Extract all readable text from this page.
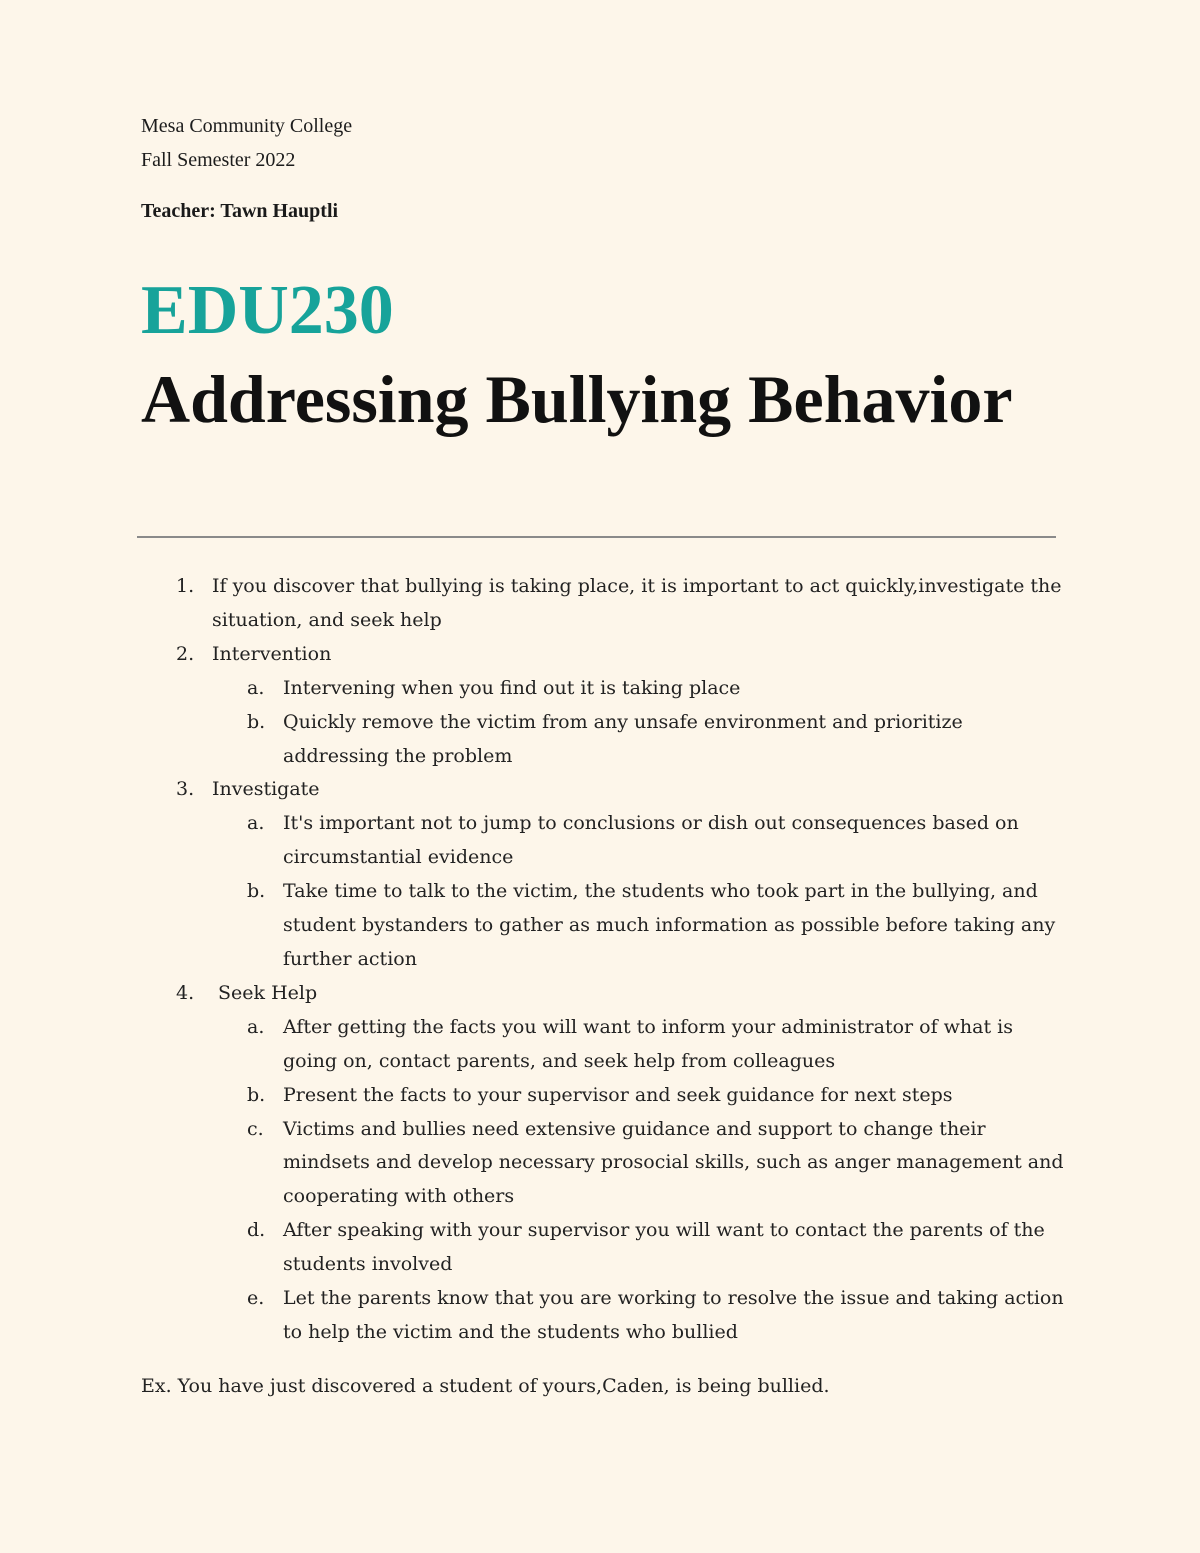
Mesa Community College
Fall Semester 2022
Teacher: Tawn Hauptli
EDU230
Addressing Bullying Behavior
1. If you discover that bullying is taking place, it is important to act quickly,investigate the situation, and seek help
2. Intervention
a. Intervening when you find out it is taking place
b. Quickly remove the victim from any unsafe environment and prioritize addressing the problem
3. Investigate
a. It's important not to jump to conclusions or dish out consequences based on circumstantial evidence
b. Take time to talk to the victim, the students who took part in the bullying, and student bystanders to gather as much information as possible before taking any further action
4. Seek Help
a. After getting the facts you will want to inform your administrator of what is going on, contact parents, and seek help from colleagues
b. Present the facts to your supervisor and seek guidance for next steps
c. Victims and bullies need extensive guidance and support to change their mindsets and develop necessary prosocial skills, such as anger management and cooperating with others
d. After speaking with your supervisor you will want to contact the parents of the students involved
e. Let the parents know that you are working to resolve the issue and taking action to help the victim and the students who bullied

Ex. You have just discovered a student of yours,Caden, is being bullied.
